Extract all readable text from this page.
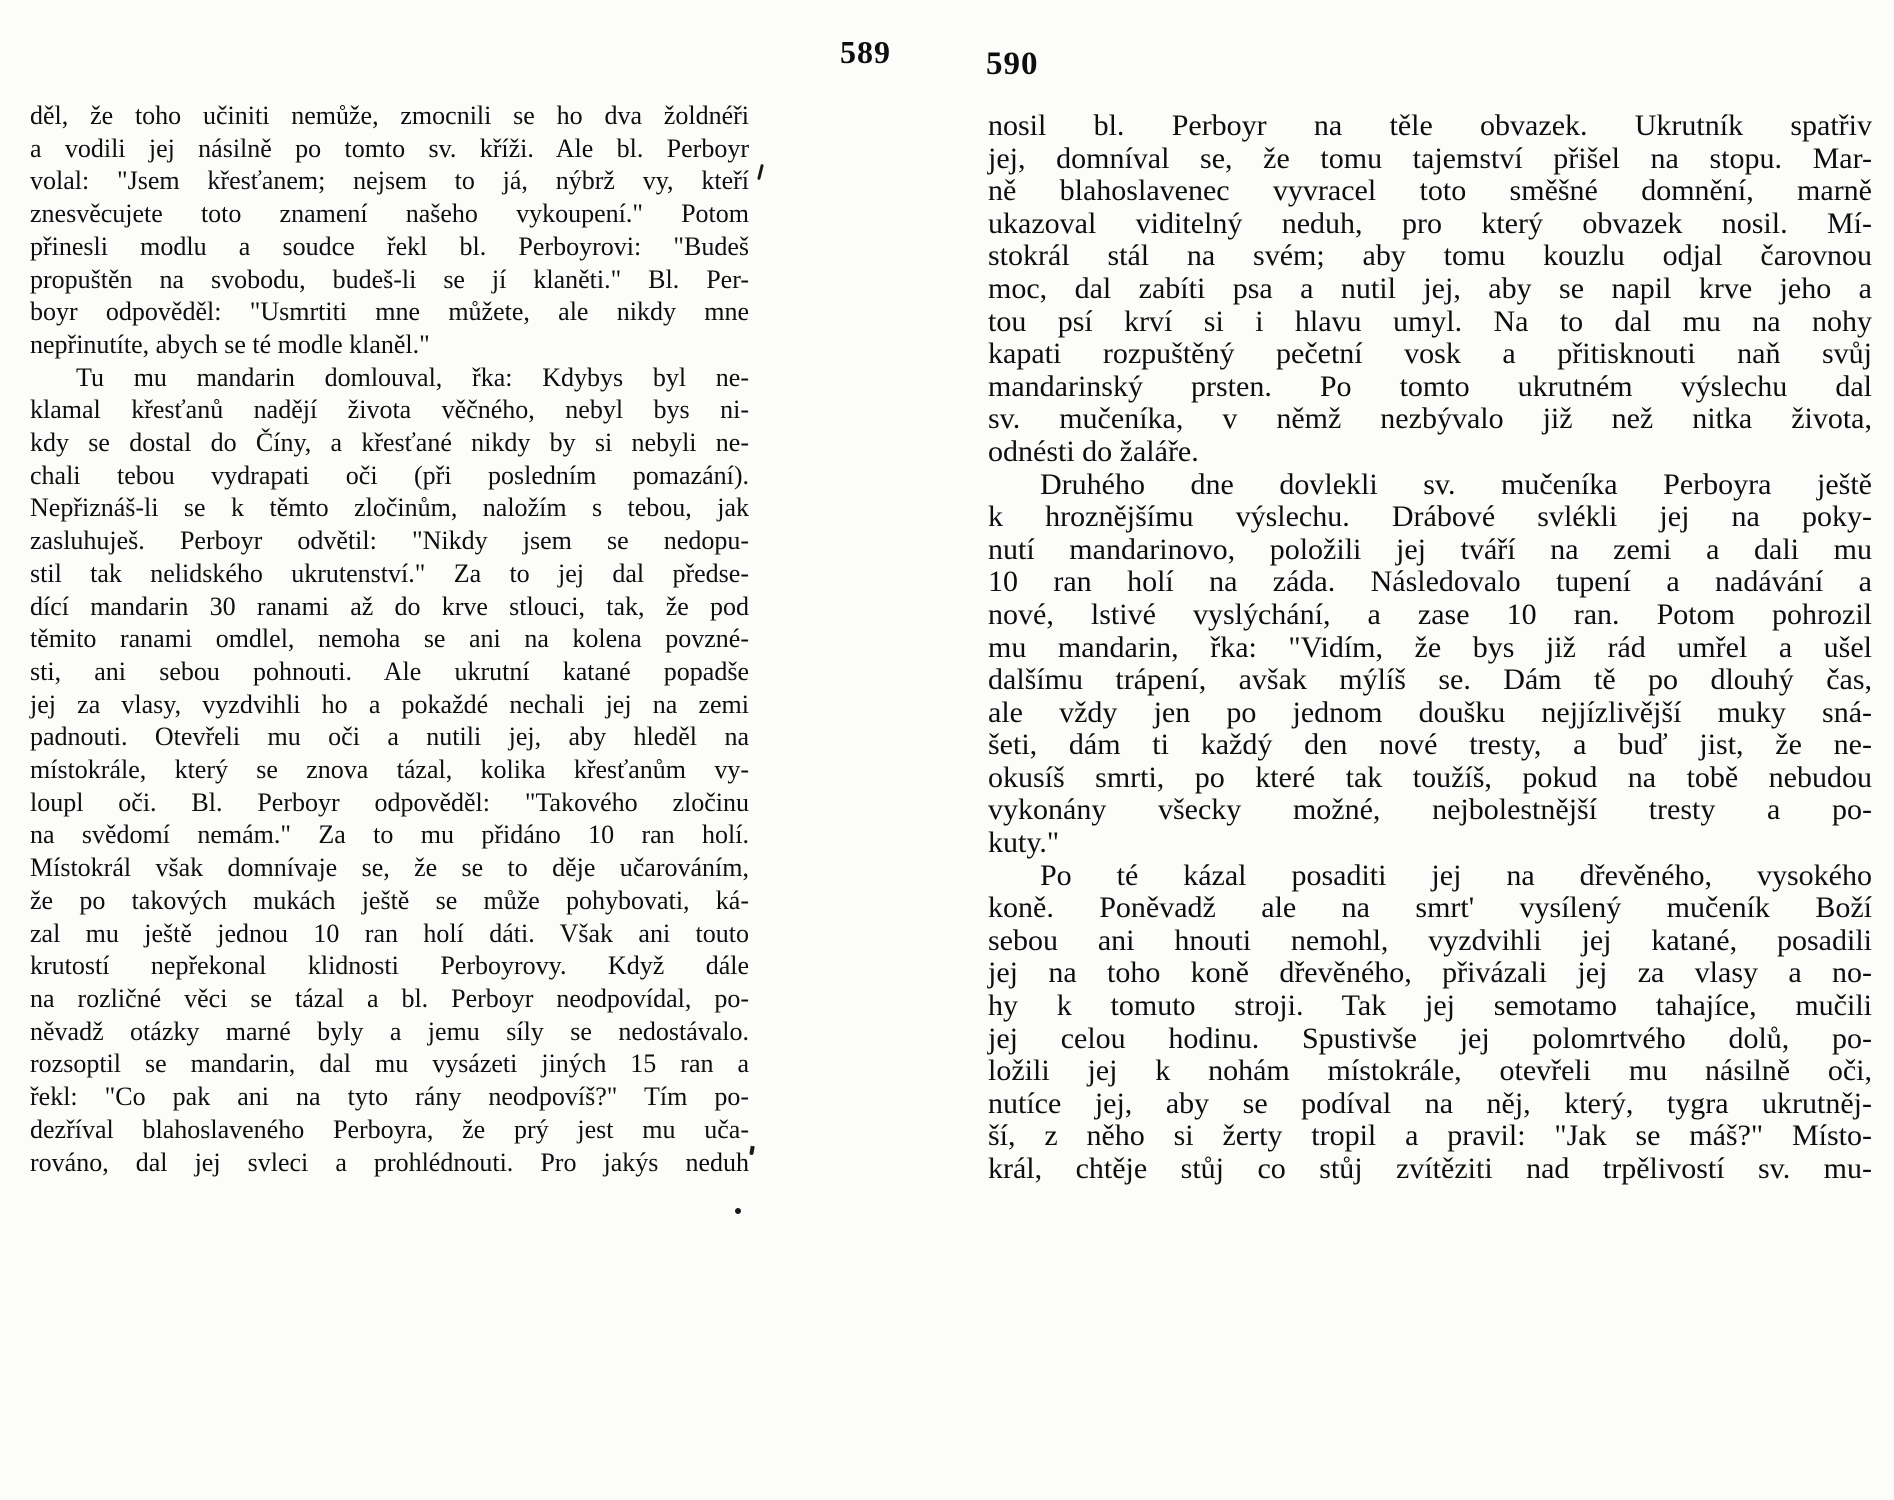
589	590
děl, že toho učiniti nemůže, zmocnili se ho dva žoldnéři
a vodili jej násilně po tomto sv. kříži. Ale bl. Perboyr
volal: "Jsem křesťanem; nejsem to já, nýbrž vy, kteří
znesvěcujete toto znamení našeho vykoupení." Potom
přinesli modlu a soudce řekl bl. Perboyrovi: "Budeš
propuštěn na svobodu, budeš-li se jí klaněti." Bl. Per-
boyr odpověděl: "Usmrtiti mne můžete, ale nikdy mne
nepřinutíte, abych se té modle klaněl."
Tu mu mandarin domlouval, řka: Kdybys byl ne-
klamal křesťanů nadějí života věčného, nebyl bys ni-
kdy se dostal do Číny, a křesťané nikdy by si nebyli ne-
chali tebou vydrapati oči (při posledním pomazání).
Nepřiznáš-li se k těmto zločinům, naložím s tebou, jak
zasluhuješ. Perboyr odvětil: "Nikdy jsem se nedopu-
stil tak nelidského ukrutenství." Za to jej dal předse-
dící mandarin 30 ranami až do krve stlouci, tak, že pod
těmito ranami omdlel, nemoha se ani na kolena povzné-
sti, ani sebou pohnouti. Ale ukrutní katané popadše
jej za vlasy, vyzdvihli ho a pokaždé nechali jej na zemi
padnouti. Otevřeli mu oči a nutili jej, aby hleděl na
místokrále, který se znova tázal, kolika křesťanům vy-
loupl oči. Bl. Perboyr odpověděl: "Takového zločinu
na svědomí nemám." Za to mu přidáno 10 ran holí.
Místokrál však domnívaje se, že se to děje učarováním,
že po takových mukách ještě se může pohybovati, ká-
zal mu ještě jednou 10 ran holí dáti. Však ani touto
krutostí nepřekonal klidnosti Perboyrovy. Když dále
na rozličné věci se tázal a bl. Perboyr neodpovídal, po-
něvadž otázky marné byly a jemu síly se nedostávalo.
rozsoptil se mandarin, dal mu vysázeti jiných 15 ran a
řekl: "Co pak ani na tyto rány neodpovíš?" Tím po-
dezříval blahoslaveného Perboyra, že prý jest mu uča-
rováno, dal jej svleci a prohlédnouti. Pro jakýs neduh
nosil bl. Perboyr na těle obvazek. Ukrutník spatřiv
jej, domníval se, že tomu tajemství přišel na stopu. Mar-
ně blahoslavenec vyvracel toto směšné domnění, marně
ukazoval viditelný neduh, pro který obvazek nosil. Mí-
stokrál stál na svém; aby tomu kouzlu odjal čarovnou
moc, dal zabíti psa a nutil jej, aby se napil krve jeho a
tou psí krví si i hlavu umyl. Na to dal mu na nohy
kapati rozpuštěný pečetní vosk a přitisknouti naň svůj
mandarinský prsten. Po tomto ukrutném výslechu dal
sv. mučeníka, v němž nezbývalo již než nitka života,
odnésti do žaláře.
Druhého dne dovlekli sv. mučeníka Perboyra ještě
k hroznějšímu výslechu. Drábové svlékli jej na poky-
nutí mandarinovo, položili jej tváří na zemi a dali mu
10 ran holí na záda. Následovalo tupení a nadávání a
nové, lstivé vyslýchání, a zase 10 ran. Potom pohrozil
mu mandarin, řka: "Vidím, že bys již rád umřel a ušel
dalšímu trápení, avšak mýlíš se. Dám tě po dlouhý čas,
ale vždy jen po jednom doušku nejjízlivější muky sná-
šeti, dám ti každý den nové tresty, a buď jist, že ne-
okusíš smrti, po které tak toužíš, pokud na tobě nebudou
vykonány všecky možné, nejbolestnější tresty a po-
kuty."
Po té kázal posaditi jej na dřevěného, vysokého
koně. Poněvadž ale na smrt' vysílený mučeník Boží
sebou ani hnouti nemohl, vyzdvihli jej katané, posadili
jej na toho koně dřevěného, přivázali jej za vlasy a no-
hy k tomuto stroji. Tak jej semotamo tahajíce, mučili
jej celou hodinu. Spustivše jej polomrtvého dolů, po-
ložili jej k nohám místokrále, otevřeli mu násilně oči,
nutíce jej, aby se podíval na něj, který, tygra ukrutněj-
ší, z něho si žerty tropil a pravil: "Jak se máš?" Místo-
král, chtěje stůj co stůj zvítěziti nad trpělivostí sv. mu-
